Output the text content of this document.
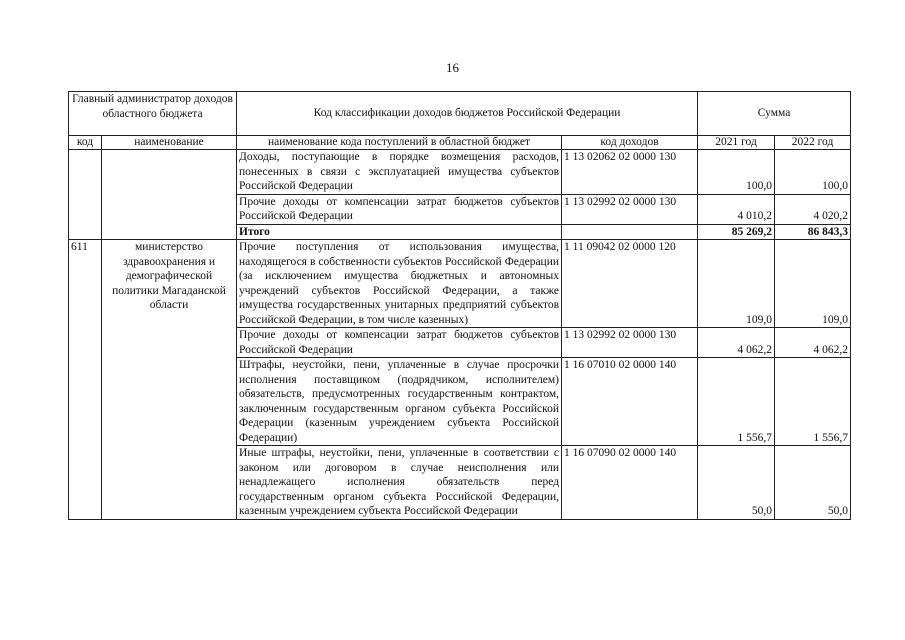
16
Главный администратор доходов областного бюджета		Код классификации доходов бюджетов Российской Федерации		Сумма	
код	наименование	наименование кода поступлений в областной бюджет	код доходов	2021 год	2022 год
		Доходы, поступающие в порядке возмещения расходов, понесенных в связи с эксплуатацией имущества субъектов Российской Федерации	1 13 02062 02 0000 130	100,0	100,0
		Прочие доходы от компенсации затрат бюджетов субъектов Российской Федерации	1 13 02992 02 0000 130	4 010,2	4 020,2
		Итого		85 269,2	86 843,3
611	министерство здравоохранения и демографической политики Магаданской области	Прочие поступления от использования имущества, находящегося в собственности субъектов Российской Федерации (за исключением имущества бюджетных и автономных учреждений субъектов Российской Федерации, а также имущества государственных унитарных предприятий субъектов Российской Федерации, в том числе казенных)	1 11 09042 02 0000 120	109,0	109,0
		Прочие доходы от компенсации затрат бюджетов субъектов Российской Федерации	1 13 02992 02 0000 130	4 062,2	4 062,2
		Штрафы, неустойки, пени, уплаченные в случае просрочки исполнения поставщиком (подрядчиком, исполнителем) обязательств, предусмотренных государственным контрактом, заключенным государственным органом субъекта Российской Федерации (казенным учреждением субъекта Российской Федерации)	1 16 07010 02 0000 140	1 556,7	1 556,7
		Иные штрафы, неустойки, пени, уплаченные в соответствии с законом или договором в случае неисполнения или ненадлежащего исполнения обязательств перед государственным органом субъекта Российской Федерации, казенным учреждением субъекта Российской Федерации	1 16 07090 02 0000 140	50,0	50,0
